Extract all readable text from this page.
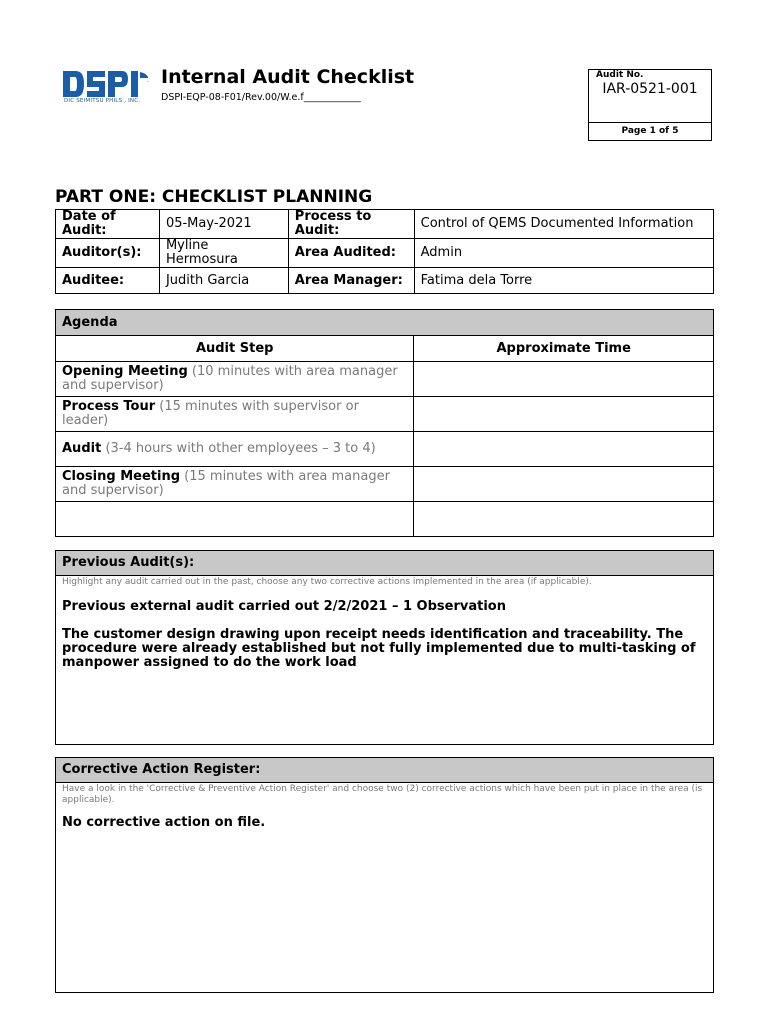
DIC SEIMITSU PHILS., INC.
Internal Audit Checklist
DSPI-EQP-08-F01/Rev.00/W.e.f____________
Audit No.
IAR-0521-001
Page 1 of 5
PART ONE: CHECKLIST PLANNING
Date of Audit:	05-May-2021	Process to Audit:	Control of QEMS Documented Information
Auditor(s):	Myline Hermosura	Area Audited:	Admin
Auditee:	Judith Garcia	Area Manager:	Fatima dela Torre
Agenda	
Audit Step	Approximate Time
Opening Meeting (10 minutes with area manager and supervisor)	
Process Tour (15 minutes with supervisor or leader)	
Audit (3-4 hours with other employees – 3 to 4)	
Closing Meeting (15 minutes with area manager and supervisor)	

Previous Audit(s):
Highlight any audit carried out in the past, choose any two corrective actions implemented in the area (if applicable).
Previous external audit carried out 2/2/2021 – 1 Observation
The customer design drawing upon receipt needs identification and traceability. The procedure were already established but not fully implemented due to multi-tasking of manpower assigned to do the work load
Corrective Action Register:
Have a look in the 'Corrective & Preventive Action Register' and choose two (2) corrective actions which have been put in place in the area (is applicable).
No corrective action on file.
